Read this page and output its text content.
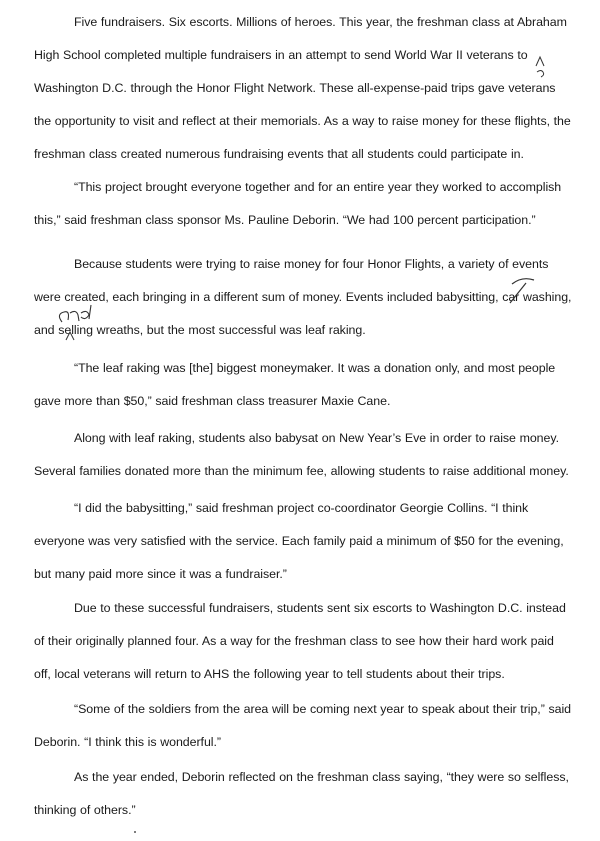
Five fundraisers. Six escorts. Millions of heroes. This year, the freshman class at Abraham High School completed multiple fundraisers in an attempt to send World War II veterans to Washington D.C. through the Honor Flight Network. These all-expense-paid trips gave veterans the opportunity to visit and reflect at their memorials. As a way to raise money for these flights, the freshman class created numerous fundraising events that all students could participate in.

“This project brought everyone together and for an entire year they worked to accomplish this,” said freshman class sponsor Ms. Pauline Deborin. “We had 100 percent participation.”

Because students were trying to raise money for four Honor Flights, a variety of events were created, each bringing in a different sum of money. Events included babysitting, car washing, and selling wreaths, but the most successful was leaf raking.

“The leaf raking was [the] biggest moneymaker. It was a donation only, and most people gave more than $50,” said freshman class treasurer Maxie Cane.

Along with leaf raking, students also babysat on New Year’s Eve in order to raise money. Several families donated more than the minimum fee, allowing students to raise additional money.

“I did the babysitting,” said freshman project co-coordinator Georgie Collins. “I think everyone was very satisfied with the service. Each family paid a minimum of $50 for the evening, but many paid more since it was a fundraiser.”

Due to these successful fundraisers, students sent six escorts to Washington D.C. instead of their originally planned four. As a way for the freshman class to see how their hard work paid off, local veterans will return to AHS the following year to tell students about their trips.

“Some of the soldiers from the area will be coming next year to speak about their trip,” said Deborin. “I think this is wonderful.”

As the year ended, Deborin reflected on the freshman class saying, “they were so selfless, thinking of others.”
